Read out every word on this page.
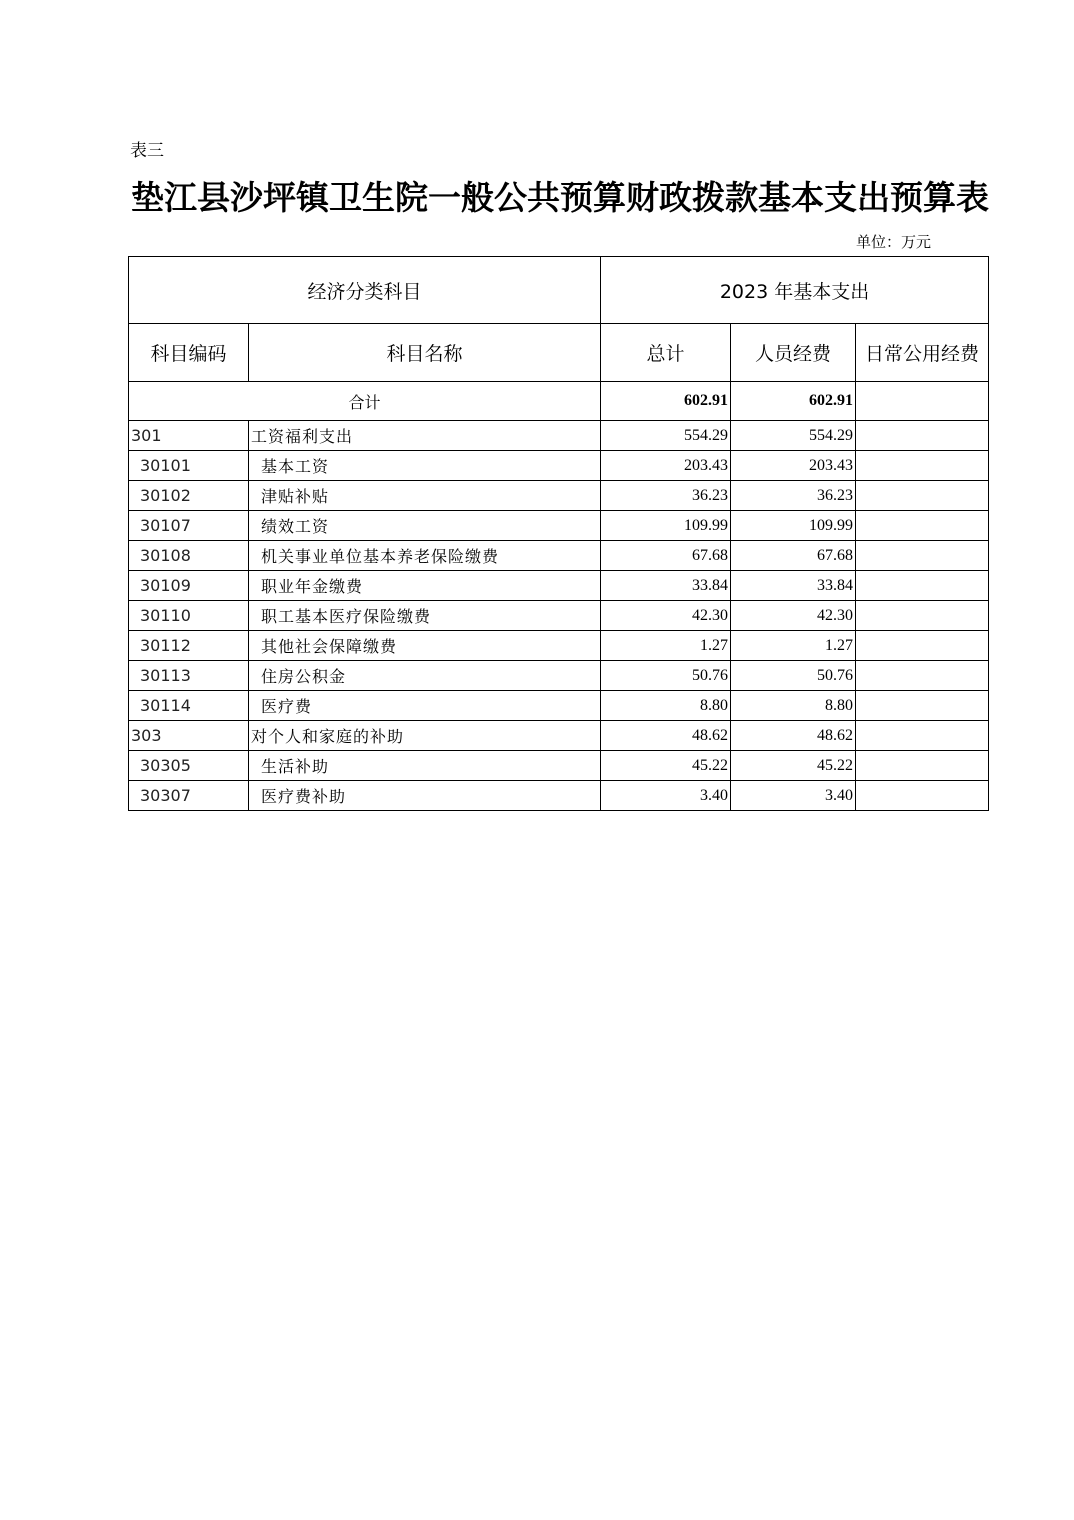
表三
垫江县沙坪镇卫生院一般公共预算财政拨款基本支出预算表
单位：万元
经济分类科目		2023 年基本支出		
科目编码	科目名称	总计	人员经费	日常公用经费
合计		602.91	602.91	
301	工资福利支出	554.29	554.29	
30101	基本工资	203.43	203.43	
30102	津贴补贴	36.23	36.23	
30107	绩效工资	109.99	109.99	
30108	机关事业单位基本养老保险缴费	67.68	67.68	
30109	职业年金缴费	33.84	33.84	
30110	职工基本医疗保险缴费	42.30	42.30	
30112	其他社会保障缴费	1.27	1.27	
30113	住房公积金	50.76	50.76	
30114	医疗费	8.80	8.80	
303	对个人和家庭的补助	48.62	48.62	
30305	生活补助	45.22	45.22	
30307	医疗费补助	3.40	3.40	
